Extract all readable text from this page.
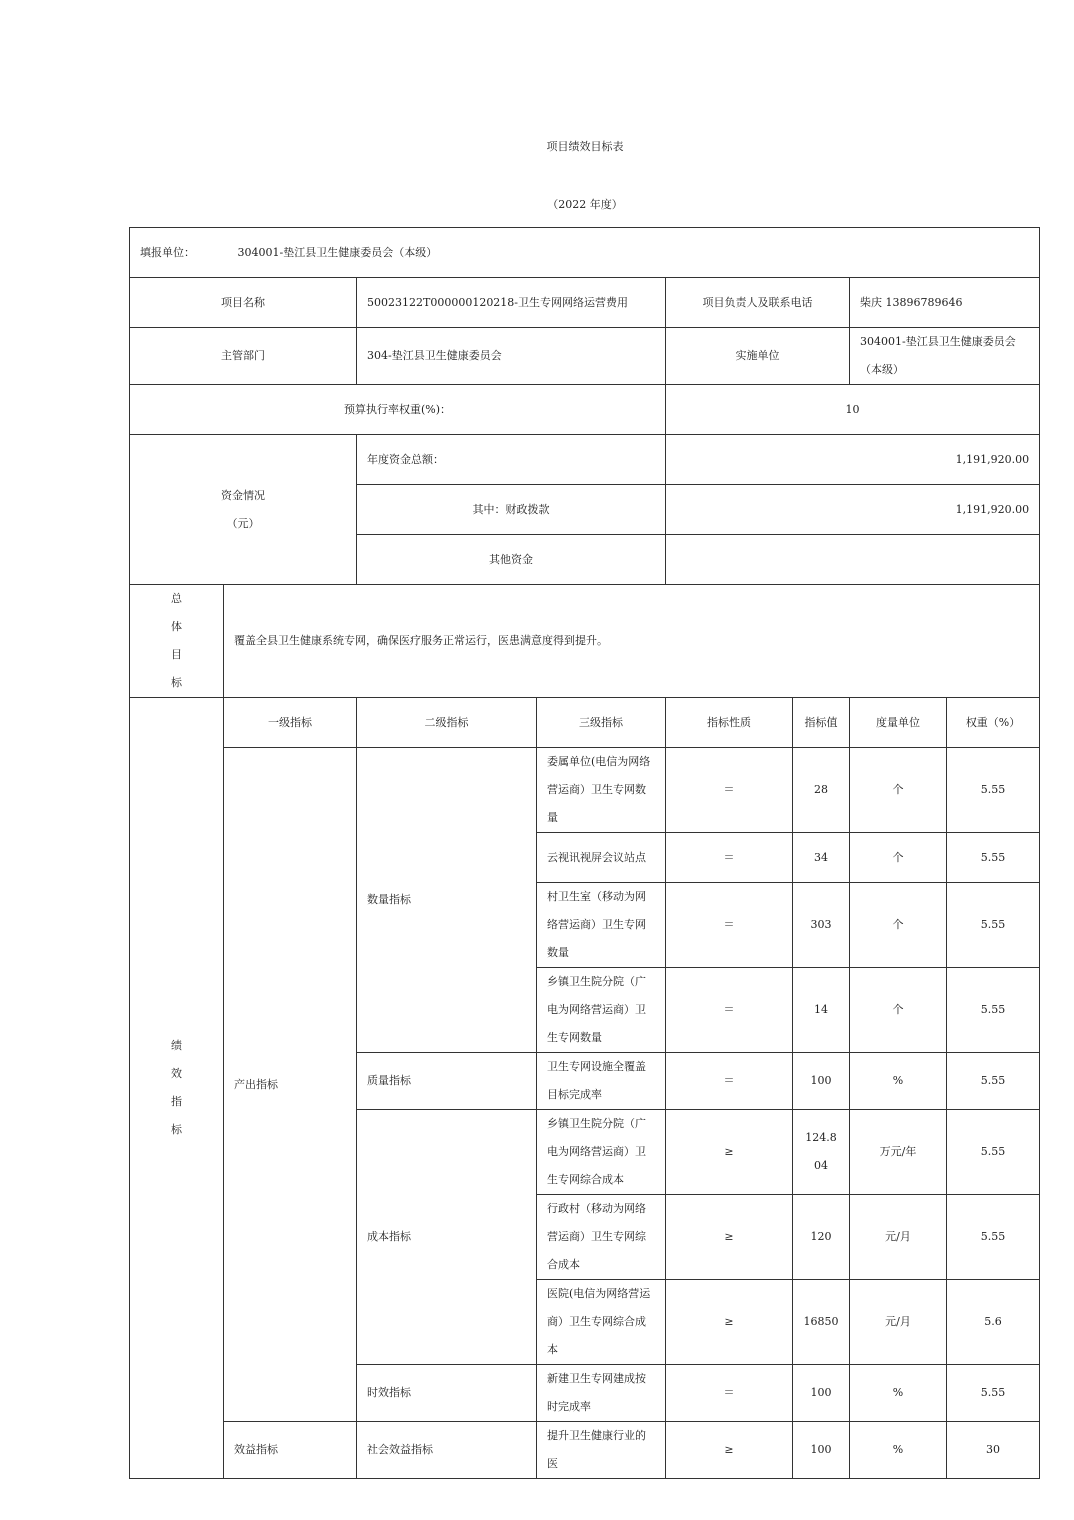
项目绩效目标表
（2022 年度）
填报单位： 304001-垫江县卫生健康委员会（本级）							
项目名称		50023122T000000120218-卫生专网网络运营费用		项目负责人及联系电话		柴庆 13896789646	
主管部门		304-垫江县卫生健康委员会		实施单位		304001-垫江县卫生健康委员会（本级）	
预算执行率权重(%)：				10			

资金情况
（元）		年度资金总额：		1,191,920.00			
		其中：财政拨款		1,191,920.00			
		其他资金					

总
体
目
标	覆盖全县卫生健康系统专网，确保医疗服务正常运行，医患满意度得到提升。						

绩
效
指
标	一级指标	二级指标	三级指标	指标性质	指标值	度量单位	权重（%）
	产出指标	数量指标	委属单位(电信为网络营运商）卫生专网数量	＝	28	个	5.55
			云视讯视屏会议站点	＝	34	个	5.55
			村卫生室（移动为网络营运商）卫生专网数量	＝	303	个	5.55
			乡镇卫生院分院（广电为网络营运商）卫生专网数量	＝	14	个	5.55
		质量指标	卫生专网设施全覆盖目标完成率	＝	100	%	5.55
		成本指标	乡镇卫生院分院（广电为网络营运商）卫生专网综合成本	≥	124.804	万元/年	5.55
			行政村（移动为网络营运商）卫生专网综合成本	≥	120	元/月	5.55
			医院(电信为网络营运商）卫生专网综合成本	≥	16850	元/月	5.6
		时效指标	新建卫生专网建成按时完成率	＝	100	%	5.55
	效益指标	社会效益指标	提升卫生健康行业的医	≥	100	%	30
